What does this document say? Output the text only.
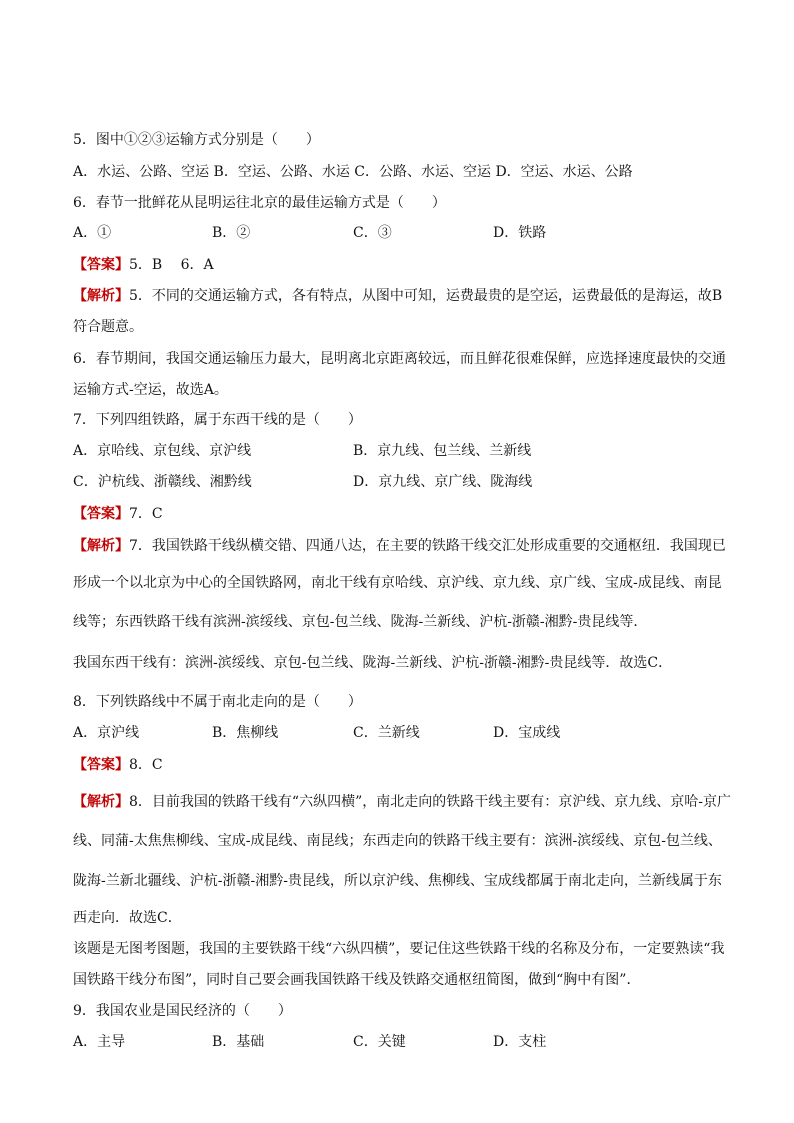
5．图中①②③运输方式分别是（　　）
A．水运、公路、空运 B．空运、公路、水运 C．公路、水运、空运 D．空运、水运、公路
6．春节一批鲜花从昆明运往北京的最佳运输方式是（　　）
A．①	B．②	C．③	D．铁路
【答案】5．B　 6．A
【解析】5．不同的交通运输方式，各有特点，从图中可知，运费最贵的是空运，运费最低的是海运，故B
符合题意。
6．春节期间，我国交通运输压力最大，昆明离北京距离较远，而且鲜花很难保鲜，应选择速度最快的交通
运输方式-空运，故选A。
7．下列四组铁路，属于东西干线的是（　　）
A．京哈线、京包线、京沪线	B．京九线、包兰线、兰新线
C．沪杭线、浙赣线、湘黔线	D．京九线、京广线、陇海线
【答案】7．C
【解析】7．我国铁路干线纵横交错、四通八达，在主要的铁路干线交汇处形成重要的交通枢纽．我国现已
形成一个以北京为中心的全国铁路网，南北干线有京哈线、京沪线、京九线、京广线、宝成-成昆线、南昆
线等；东西铁路干线有滨洲-滨绥线、京包-包兰线、陇海-兰新线、沪杭-浙赣-湘黔-贵昆线等．
我国东西干线有：滨洲-滨绥线、京包-包兰线、陇海-兰新线、沪杭-浙赣-湘黔-贵昆线等．故选C．
8．下列铁路线中不属于南北走向的是（　　）
A．京沪线	B．焦柳线	C．兰新线	D．宝成线
【答案】8．C
【解析】8．目前我国的铁路干线有“六纵四横”，南北走向的铁路干线主要有：京沪线、京九线、京哈-京广
线、同蒲-太焦焦柳线、宝成-成昆线、南昆线；东西走向的铁路干线主要有：滨洲-滨绥线、京包-包兰线、
陇海-兰新北疆线、沪杭-浙赣-湘黔-贵昆线，所以京沪线、焦柳线、宝成线都属于南北走向，兰新线属于东
西走向．故选C．
该题是无图考图题，我国的主要铁路干线“六纵四横”，要记住这些铁路干线的名称及分布，一定要熟读“我
国铁路干线分布图”，同时自己要会画我国铁路干线及铁路交通枢纽简图，做到“胸中有图”．
9．我国农业是国民经济的（　　）
A．主导	B．基础	C．关键	D．支柱
